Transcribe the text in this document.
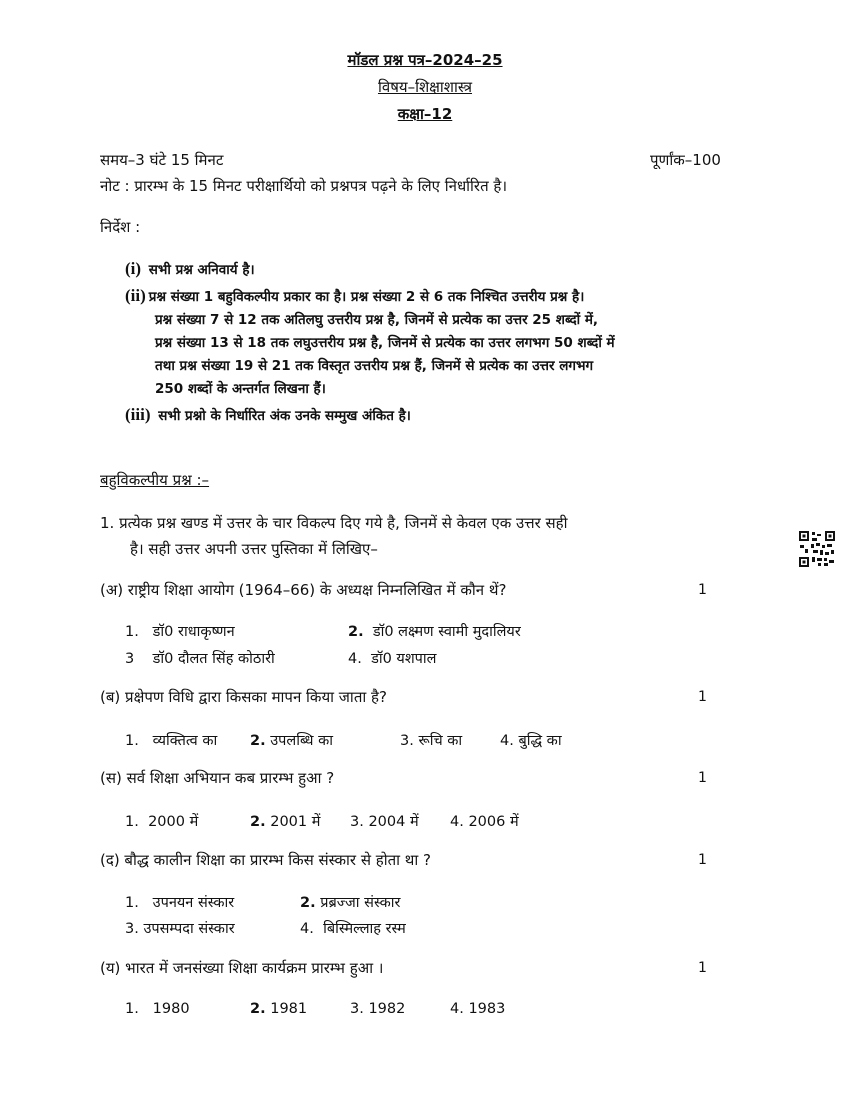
मॉडल प्रश्न पत्र–2024–25
विषय–शिक्षाशास्त्र
कक्षा–12
समय–3 घंटे 15 मिनट	पूर्णांक–100
नोट : प्रारम्भ के 15 मिनट परीक्षार्थियो को प्रश्नपत्र पढ़ने के लिए निर्धारित है।
निर्देश :
(i) सभी प्रश्न अनिवार्य है।
(ii) प्रश्न संख्या 1 बहुविकल्पीय प्रकार का है। प्रश्न संख्या 2 से 6 तक निश्चित उत्तरीय प्रश्न है।
प्रश्न संख्या 7 से 12 तक अतिलघु उत्तरीय प्रश्न है, जिनमें से प्रत्येक का उत्तर 25 शब्दों में,
प्रश्न संख्या 13 से 18 तक लघुउत्तरीय प्रश्न है, जिनमें से प्रत्येक का उत्तर लगभग 50 शब्दों में
तथा प्रश्न संख्या 19 से 21 तक विस्तृत उत्तरीय प्रश्न हैं, जिनमें से प्रत्येक का उत्तर लगभग
250 शब्दों के अन्तर्गत लिखना हैं।
(iii) सभी प्रश्नो के निर्धारित अंक उनके सम्मुख अंकित है।
बहुविकल्पीय प्रश्न :–
1. प्रत्येक प्रश्न खण्ड में उत्तर के चार विकल्प दिए गये है, जिनमें से केवल एक उत्तर सही
है। सही उत्तर अपनी उत्तर पुस्तिका में लिखिए–
(अ) राष्ट्रीय शिक्षा आयोग (1964–66) के अध्यक्ष निम्नलिखित में कौन थें?	1
1. डॉ0 राधाकृष्णन	2. डॉ0 लक्ष्मण स्वामी मुदालियर
3 डॉ0 दौलत सिंह कोठारी	4. डॉ0 यशपाल
(ब) प्रक्षेपण विधि द्वारा किसका मापन किया जाता है?	1
1. व्यक्तित्व का 2. उपलब्धि का	3. रूचि का	4. बुद्धि का
(स) सर्व शिक्षा अभियान कब प्रारम्भ हुआ ?	1
1. 2000 में	2. 2001 में 3. 2004 में 4. 2006 में
(द) बौद्ध कालीन शिक्षा का प्रारम्भ किस संस्कार से होता था ?	1
1. उपनयन संस्कार	2. प्रब्रज्जा संस्कार
3. उपसम्पदा संस्कार	4. बिस्मिल्लाह रस्म
(य) भारत में जनसंख्या शिक्षा कार्यक्रम प्रारम्भ हुआ ।	1
1. 1980	2. 1981	3. 1982	4. 1983
